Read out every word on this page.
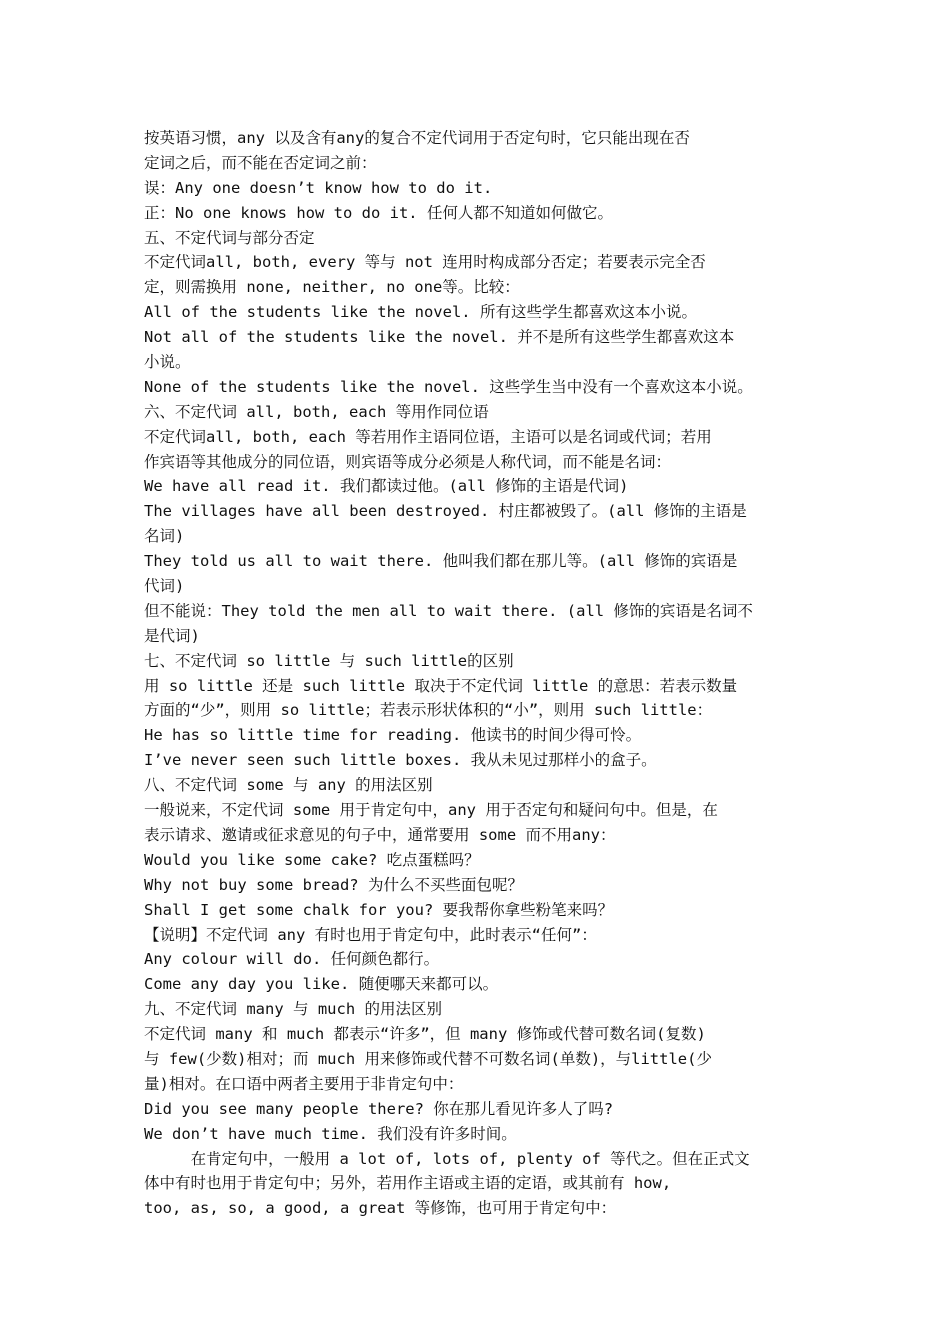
按英语习惯，any 以及含有any的复合不定代词用于否定句时，它只能出现在否
定词之后，而不能在否定词之前：
误：Any one doesn’t know how to do it.
正：No one knows how to do it. 任何人都不知道如何做它。
五、不定代词与部分否定
不定代词all, both, every 等与 not 连用时构成部分否定；若要表示完全否
定，则需换用 none, neither, no one等。比较：
All of the students like the novel. 所有这些学生都喜欢这本小说。
Not all of the students like the novel. 并不是所有这些学生都喜欢这本
小说。
None of the students like the novel. 这些学生当中没有一个喜欢这本小说。
六、不定代词 all, both, each 等用作同位语
不定代词all, both, each 等若用作主语同位语，主语可以是名词或代词；若用
作宾语等其他成分的同位语，则宾语等成分必须是人称代词，而不能是名词：
We have all read it. 我们都读过他。(all 修饰的主语是代词)
The villages have all been destroyed. 村庄都被毁了。(all 修饰的主语是
名词)
They told us all to wait there. 他叫我们都在那儿等。(all 修饰的宾语是
代词)
但不能说：They told the men all to wait there. (all 修饰的宾语是名词不
是代词)
七、不定代词 so little 与 such little的区别
用 so little 还是 such little 取决于不定代词 little 的意思：若表示数量
方面的“少”，则用 so little；若表示形状体积的“小”，则用 such little：
He has so little time for reading. 他读书的时间少得可怜。
I’ve never seen such little boxes. 我从未见过那样小的盒子。
八、不定代词 some 与 any 的用法区别
一般说来，不定代词 some 用于肯定句中，any 用于否定句和疑问句中。但是，在
表示请求、邀请或征求意见的句子中，通常要用 some 而不用any：
Would you like some cake? 吃点蛋糕吗？
Why not buy some bread? 为什么不买些面包呢？
Shall I get some chalk for you? 要我帮你拿些粉笔来吗？
【说明】不定代词 any 有时也用于肯定句中，此时表示“任何”：
Any colour will do. 任何颜色都行。
Come any day you like. 随便哪天来都可以。
九、不定代词 many 与 much 的用法区别
不定代词 many 和 much 都表示“许多”，但 many 修饰或代替可数名词(复数)
与 few(少数)相对；而 much 用来修饰或代替不可数名词(单数)，与little(少
量)相对。在口语中两者主要用于非肯定句中：
Did you see many people there? 你在那儿看见许多人了吗?
We don’t have much time. 我们没有许多时间。
在肯定句中，一般用 a lot of, lots of, plenty of 等代之。但在正式文
体中有时也用于肯定句中；另外，若用作主语或主语的定语，或其前有 how,
too, as, so, a good, a great 等修饰，也可用于肯定句中：
